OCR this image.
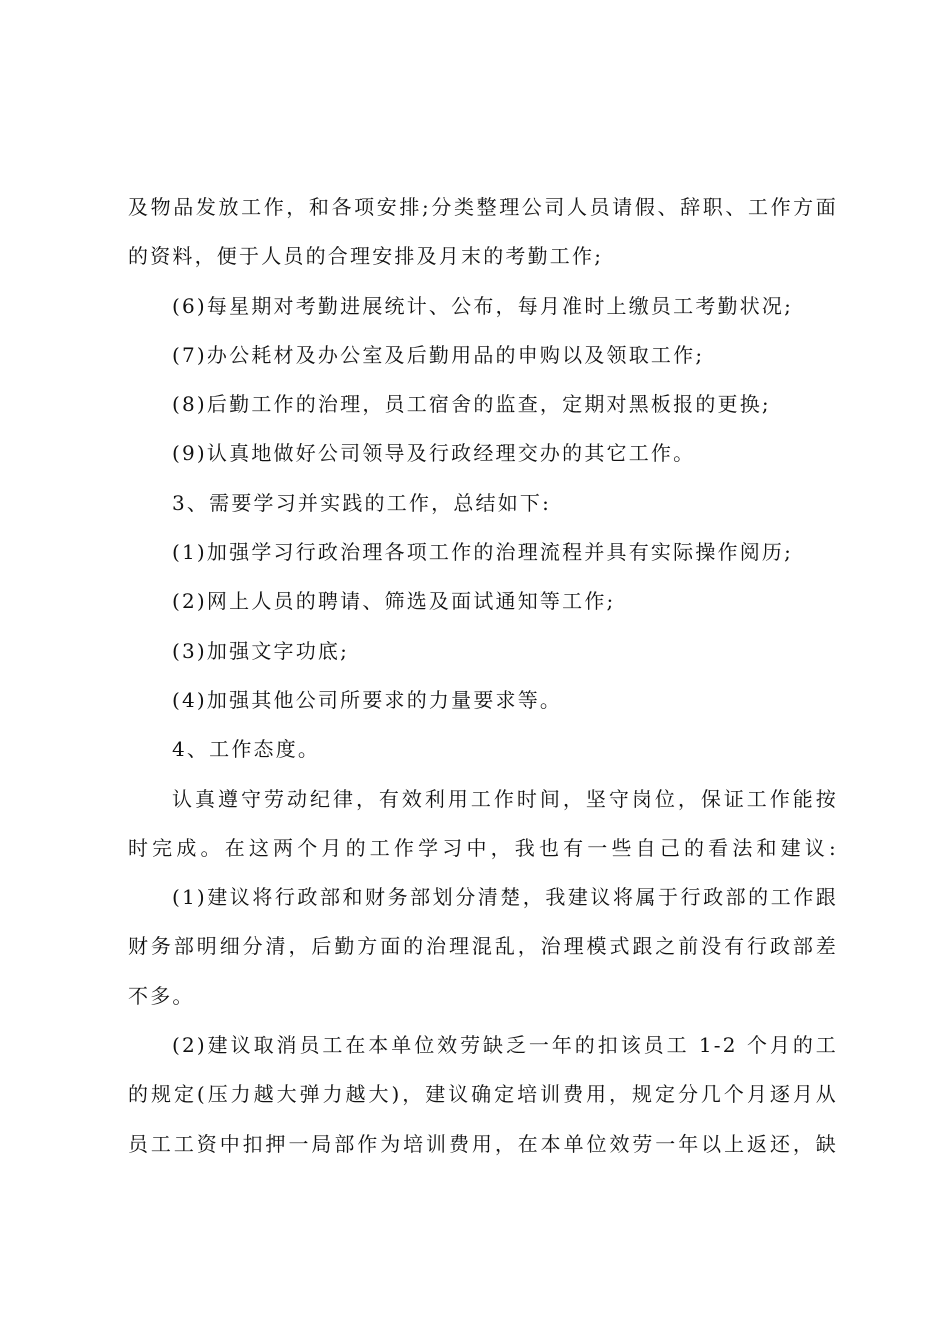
及物品发放工作，和各项安排;分类整理公司人员请假、辞职、工作方面
的资料，便于人员的合理安排及月末的考勤工作;
(6)每星期对考勤进展统计、公布，每月准时上缴员工考勤状况;
(7)办公耗材及办公室及后勤用品的申购以及领取工作;
(8)后勤工作的治理，员工宿舍的监查，定期对黑板报的更换;
(9)认真地做好公司领导及行政经理交办的其它工作。
3、需要学习并实践的工作，总结如下:
(1)加强学习行政治理各项工作的治理流程并具有实际操作阅历;
(2)网上人员的聘请、筛选及面试通知等工作;
(3)加强文字功底;
(4)加强其他公司所要求的力量要求等。
4、工作态度。
认真遵守劳动纪律，有效利用工作时间，坚守岗位，保证工作能按
时完成。在这两个月的工作学习中，我也有一些自己的看法和建议:
(1)建议将行政部和财务部划分清楚，我建议将属于行政部的工作跟
财务部明细分清，后勤方面的治理混乱，治理模式跟之前没有行政部差
不多。
(2)建议取消员工在本单位效劳缺乏一年的扣该员工 1-2 个月的工
的规定(压力越大弹力越大)，建议确定培训费用，规定分几个月逐月从
员工工资中扣押一局部作为培训费用，在本单位效劳一年以上返还，缺
